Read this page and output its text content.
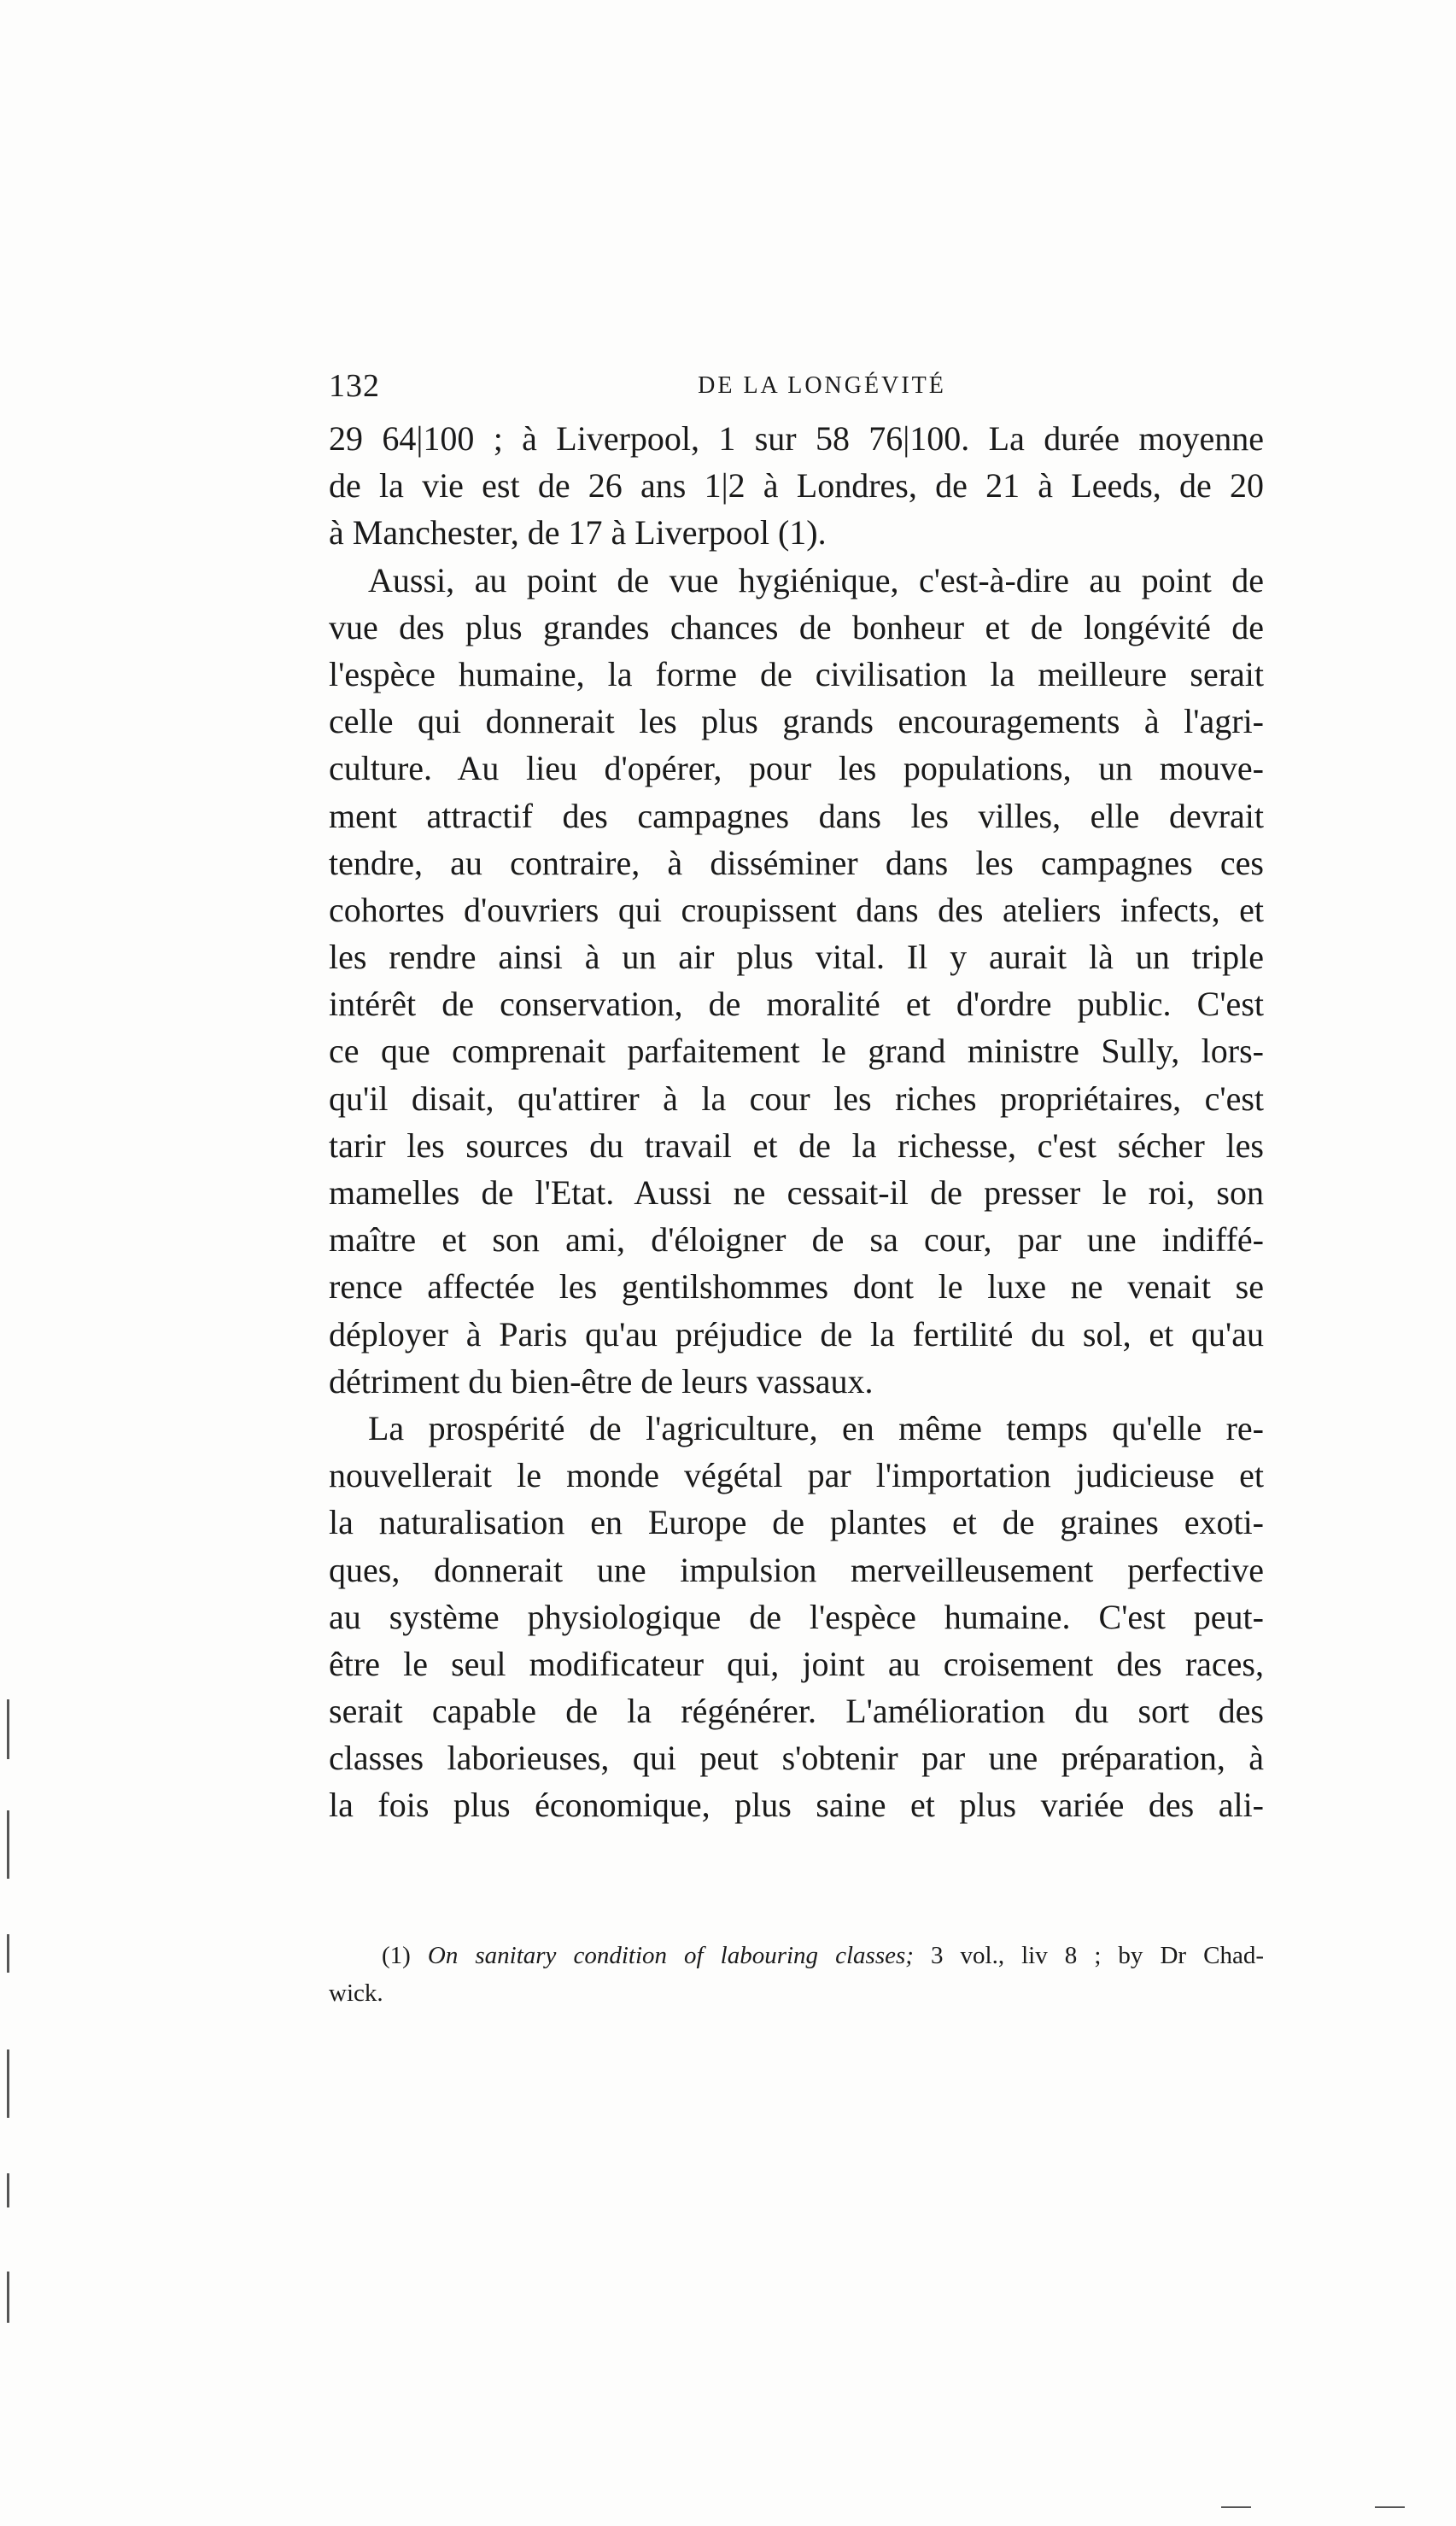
132	DE LA LONGÉVITÉ
29 64|100 ; à Liverpool, 1 sur 58 76|100. La durée moyenne
de la vie est de 26 ans 1|2 à Londres, de 21 à Leeds, de 20
à Manchester, de 17 à Liverpool (1).
Aussi, au point de vue hygiénique, c'est-à-dire au point de
vue des plus grandes chances de bonheur et de longévité de
l'espèce humaine, la forme de civilisation la meilleure serait
celle qui donnerait les plus grands encouragements à l'agri-
culture. Au lieu d'opérer, pour les populations, un mouve-
ment attractif des campagnes dans les villes, elle devrait
tendre, au contraire, à disséminer dans les campagnes ces
cohortes d'ouvriers qui croupissent dans des ateliers infects, et
les rendre ainsi à un air plus vital. Il y aurait là un triple
intérêt de conservation, de moralité et d'ordre public. C'est
ce que comprenait parfaitement le grand ministre Sully, lors-
qu'il disait, qu'attirer à la cour les riches propriétaires, c'est
tarir les sources du travail et de la richesse, c'est sécher les
mamelles de l'Etat. Aussi ne cessait-il de presser le roi, son
maître et son ami, d'éloigner de sa cour, par une indiffé-
rence affectée les gentilshommes dont le luxe ne venait se
déployer à Paris qu'au préjudice de la fertilité du sol, et qu'au
détriment du bien-être de leurs vassaux.
La prospérité de l'agriculture, en même temps qu'elle re-
nouvellerait le monde végétal par l'importation judicieuse et
la naturalisation en Europe de plantes et de graines exoti-
ques, donnerait une impulsion merveilleusement perfective
au système physiologique de l'espèce humaine. C'est peut-
être le seul modificateur qui, joint au croisement des races,
serait capable de la régénérer. L'amélioration du sort des
classes laborieuses, qui peut s'obtenir par une préparation, à
la fois plus économique, plus saine et plus variée des ali-
(1) On sanitary condition of labouring classes; 3 vol., liv 8 ; by Dr Chad-
wick.
